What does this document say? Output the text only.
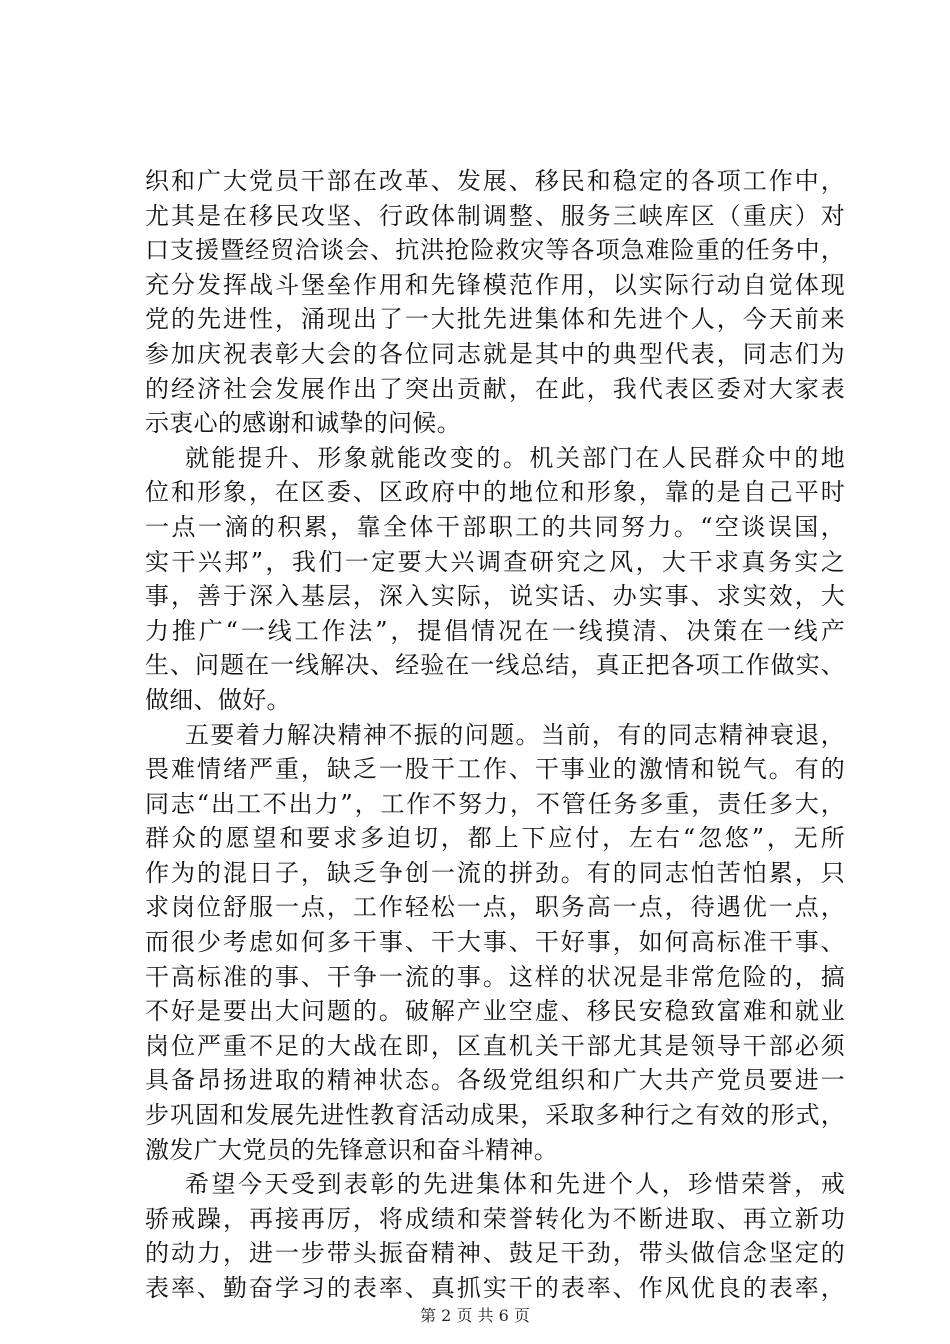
织和广大党员干部在改革、发展、移民和稳定的各项工作中，
尤其是在移民攻坚、行政体制调整、服务三峡库区（重庆）对
口支援暨经贸洽谈会、抗洪抢险救灾等各项急难险重的任务中，
充分发挥战斗堡垒作用和先锋模范作用，以实际行动自觉体现
党的先进性，涌现出了一大批先进集体和先进个人，今天前来
参加庆祝表彰大会的各位同志就是其中的典型代表，同志们为
的经济社会发展作出了突出贡献，在此，我代表区委对大家表
示衷心的感谢和诚挚的问候。
就能提升、形象就能改变的。机关部门在人民群众中的地
位和形象，在区委、区政府中的地位和形象，靠的是自己平时
一点一滴的积累，靠全体干部职工的共同努力。“空谈误国，
实干兴邦”，我们一定要大兴调查研究之风，大干求真务实之
事，善于深入基层，深入实际，说实话、办实事、求实效，大
力推广“一线工作法”，提倡情况在一线摸清、决策在一线产
生、问题在一线解决、经验在一线总结，真正把各项工作做实、
做细、做好。
五要着力解决精神不振的问题。当前，有的同志精神衰退，
畏难情绪严重，缺乏一股干工作、干事业的激情和锐气。有的
同志“出工不出力”，工作不努力，不管任务多重，责任多大，
群众的愿望和要求多迫切，都上下应付，左右“忽悠”，无所
作为的混日子，缺乏争创一流的拼劲。有的同志怕苦怕累，只
求岗位舒服一点，工作轻松一点，职务高一点，待遇优一点，
而很少考虑如何多干事、干大事、干好事，如何高标准干事、
干高标准的事、干争一流的事。这样的状况是非常危险的，搞
不好是要出大问题的。破解产业空虚、移民安稳致富难和就业
岗位严重不足的大战在即，区直机关干部尤其是领导干部必须
具备昂扬进取的精神状态。各级党组织和广大共产党员要进一
步巩固和发展先进性教育活动成果，采取多种行之有效的形式，
激发广大党员的先锋意识和奋斗精神。
希望今天受到表彰的先进集体和先进个人，珍惜荣誉，戒
骄戒躁，再接再厉，将成绩和荣誉转化为不断进取、再立新功
的动力，进一步带头振奋精神、鼓足干劲，带头做信念坚定的
表率、勤奋学习的表率、真抓实干的表率、作风优良的表率，
第 2 页 共 6 页
